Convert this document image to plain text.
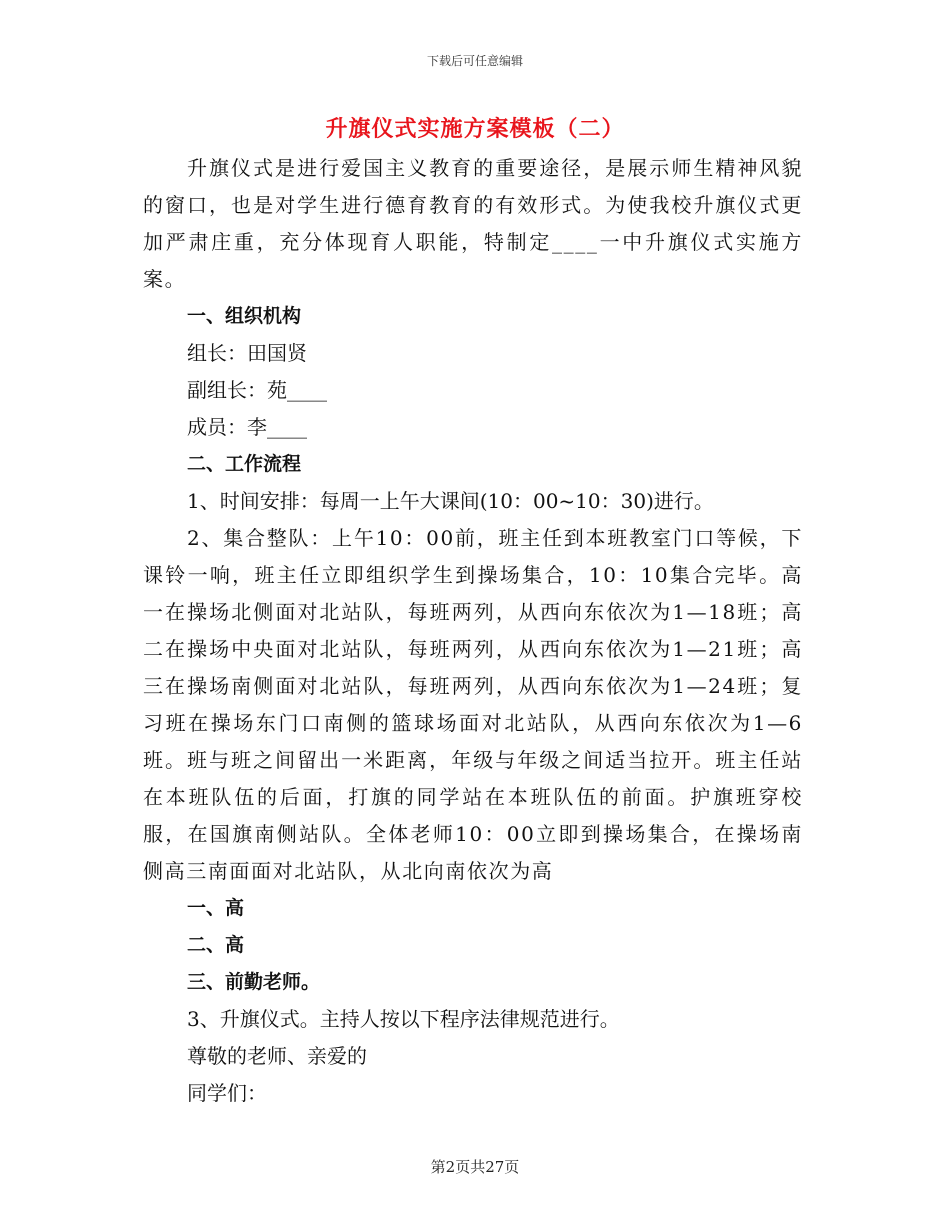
下载后可任意编辑
升旗仪式实施方案模板（二）

升旗仪式是进行爱国主义教育的重要途径，是展示师生精神风貌的窗口，也是对学生进行德育教育的有效形式。为使我校升旗仪式更加严肃庄重，充分体现育人职能，特制定____一中升旗仪式实施方案。

一、组织机构

组长：田国贤

副组长：苑____

成员：李____

二、工作流程

1、时间安排：每周一上午大课间(10：00~10：30)进行。

2、集合整队：上午10：00前，班主任到本班教室门口等候，下课铃一响，班主任立即组织学生到操场集合，10：10集合完毕。高一在操场北侧面对北站队，每班两列，从西向东依次为1—18班；高二在操场中央面对北站队，每班两列，从西向东依次为1—21班；高三在操场南侧面对北站队，每班两列，从西向东依次为1—24班；复习班在操场东门口南侧的篮球场面对北站队，从西向东依次为1—6班。班与班之间留出一米距离，年级与年级之间适当拉开。班主任站在本班队伍的后面，打旗的同学站在本班队伍的前面。护旗班穿校服，在国旗南侧站队。全体老师10：00立即到操场集合，在操场南侧高三南面面对北站队，从北向南依次为高

一、高

二、高

三、前勤老师。

3、升旗仪式。主持人按以下程序法律规范进行。

尊敬的老师、亲爱的

同学们：

第2页共27页
